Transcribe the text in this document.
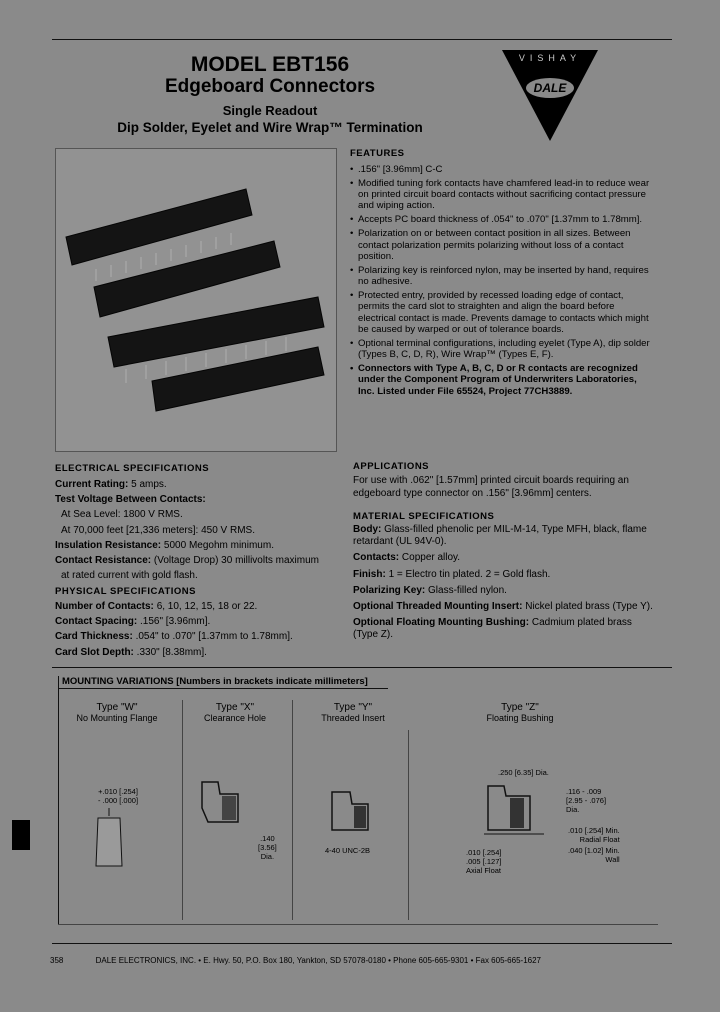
MODEL EBT156
Edgeboard Connectors
Single Readout
Dip Solder, Eyelet and Wire Wrap™ Termination
VISHAY
DALE
FEATURES
• .156" [3.96mm] C-C
• Modified tuning fork contacts have chamfered lead-in to reduce wear on printed circuit board contacts without sacrificing contact pressure and wiping action.
• Accepts PC board thickness of .054" to .070" [1.37mm to 1.78mm].
• Polarization on or between contact position in all sizes. Between contact polarization permits polarizing without loss of a contact position.
• Polarizing key is reinforced nylon, may be inserted by hand, requires no adhesive.
• Protected entry, provided by recessed loading edge of contact, permits the card slot to straighten and align the board before electrical contact is made. Prevents damage to contacts which might be caused by warped or out of tolerance boards.
• Optional terminal configurations, including eyelet (Type A), dip solder (Types B, C, D, R), Wire Wrap™ (Types E, F).
• Connectors with Type A, B, C, D or R contacts are recognized under the Component Program of Underwriters Laboratories, Inc. Listed under File 65524, Project 77CH3889.
ELECTRICAL SPECIFICATIONS
Current Rating: 5 amps.
Test Voltage Between Contacts:
At Sea Level: 1800 V RMS.
At 70,000 feet [21,336 meters]: 450 V RMS.
Insulation Resistance: 5000 Megohm minimum.
Contact Resistance: (Voltage Drop) 30 millivolts maximum
at rated current with gold flash.
PHYSICAL SPECIFICATIONS
Number of Contacts: 6, 10, 12, 15, 18 or 22.
Contact Spacing: .156" [3.96mm].
Card Thickness: .054" to .070" [1.37mm to 1.78mm].
Card Slot Depth: .330" [8.38mm].
APPLICATIONS
For use with .062" [1.57mm] printed circuit boards requiring an edgeboard type connector on .156" [3.96mm] centers.
MATERIAL SPECIFICATIONS
Body: Glass-filled phenolic per MIL-M-14, Type MFH, black, flame retardant (UL 94V-0).
Contacts: Copper alloy.
Finish: 1 = Electro tin plated. 2 = Gold flash.
Polarizing Key: Glass-filled nylon.
Optional Threaded Mounting Insert: Nickel plated brass (Type Y).
Optional Floating Mounting Bushing: Cadmium plated brass (Type Z).
MOUNTING VARIATIONS [Numbers in brackets indicate millimeters]
Type "W"
No Mounting Flange
Type "X"
Clearance Hole
Type "Y"
Threaded Insert
Type "Z"
Floating Bushing
+.010 [.254]
- .000 [.000]
.140
[3.56]
Dia.
4-40 UNC-2B
.250 [6.35] Dia.
.116 - .009
[2.95 - .076]
Dia.
.010 [.254] Min.
Radial Float
.040 [1.02] Min.
Wall
.010 [.254]
.005 [.127]
Axial Float
358	DALE ELECTRONICS, INC. • E. Hwy. 50, P.O. Box 180, Yankton, SD 57078-0180 • Phone 605-665-9301 • Fax 605-665-1627
